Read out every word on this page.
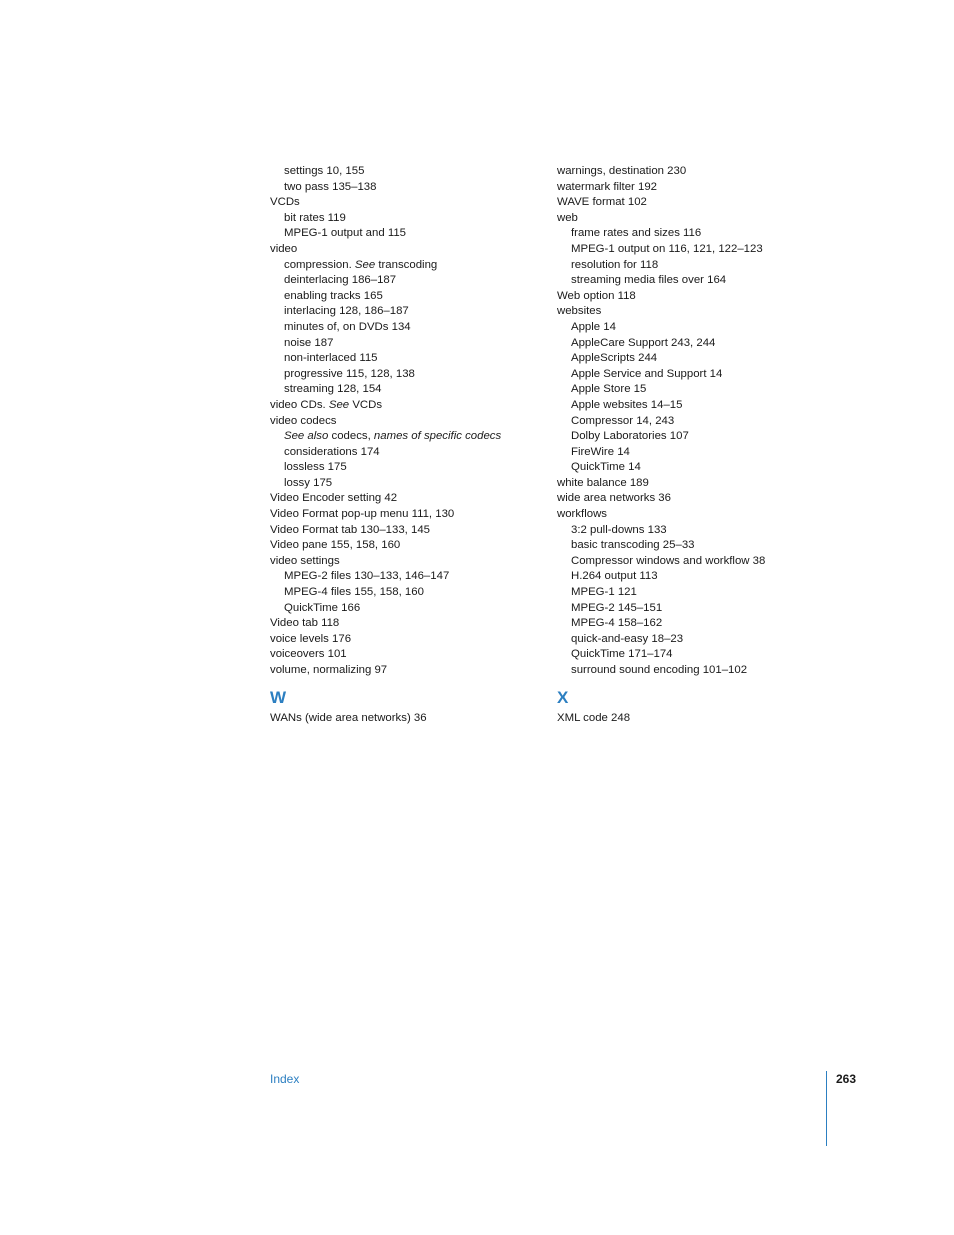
settings 10, 155
two pass 135–138
VCDs
bit rates 119
MPEG-1 output and 115
video
compression. See transcoding
deinterlacing 186–187
enabling tracks 165
interlacing 128, 186–187
minutes of, on DVDs 134
noise 187
non-interlaced 115
progressive 115, 128, 138
streaming 128, 154
video CDs. See VCDs
video codecs
See also codecs, names of specific codecs
considerations 174
lossless 175
lossy 175
Video Encoder setting 42
Video Format pop-up menu 111, 130
Video Format tab 130–133, 145
Video pane 155, 158, 160
video settings
MPEG-2 files 130–133, 146–147
MPEG-4 files 155, 158, 160
QuickTime 166
Video tab 118
voice levels 176
voiceovers 101
volume, normalizing 97
W
WANs (wide area networks) 36
warnings, destination 230
watermark filter 192
WAVE format 102
web
frame rates and sizes 116
MPEG-1 output on 116, 121, 122–123
resolution for 118
streaming media files over 164
Web option 118
websites
Apple 14
AppleCare Support 243, 244
AppleScripts 244
Apple Service and Support 14
Apple Store 15
Apple websites 14–15
Compressor 14, 243
Dolby Laboratories 107
FireWire 14
QuickTime 14
white balance 189
wide area networks 36
workflows
3:2 pull-downs 133
basic transcoding 25–33
Compressor windows and workflow 38
H.264 output 113
MPEG-1 121
MPEG-2 145–151
MPEG-4 158–162
quick-and-easy 18–23
QuickTime 171–174
surround sound encoding 101–102
X
XML code 248
Index	263
